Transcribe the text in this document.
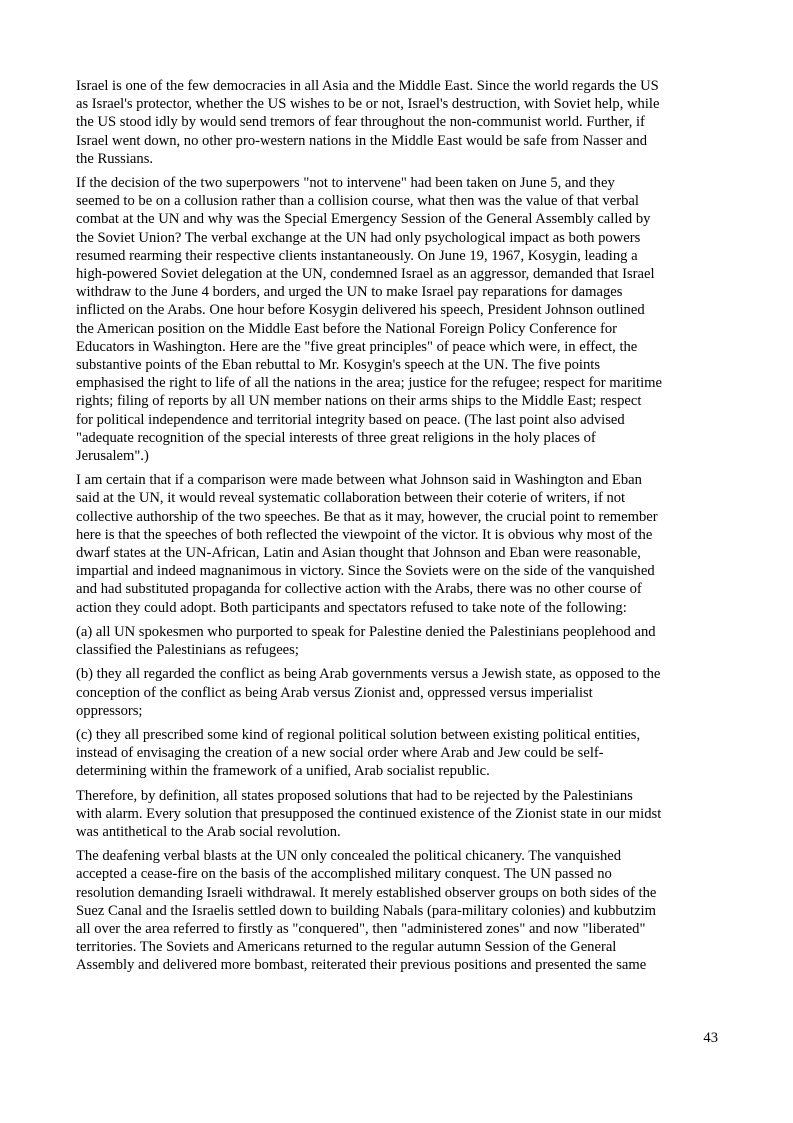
Israel is one of the few democracies in all Asia and the Middle East. Since the world regards the US
as Israel's protector, whether the US wishes to be or not, Israel's destruction, with Soviet help, while
the US stood idly by would send tremors of fear throughout the non-communist world. Further, if
Israel went down, no other pro-western nations in the Middle East would be safe from Nasser and
the Russians.

If the decision of the two superpowers "not to intervene" had been taken on June 5, and they
seemed to be on a collusion rather than a collision course, what then was the value of that verbal
combat at the UN and why was the Special Emergency Session of the General Assembly called by
the Soviet Union? The verbal exchange at the UN had only psychological impact as both powers
resumed rearming their respective clients instantaneously. On June 19, 1967, Kosygin, leading a
high-powered Soviet delegation at the UN, condemned Israel as an aggressor, demanded that Israel
withdraw to the June 4 borders, and urged the UN to make Israel pay reparations for damages
inflicted on the Arabs. One hour before Kosygin delivered his speech, President Johnson outlined
the American position on the Middle East before the National Foreign Policy Conference for
Educators in Washington. Here are the "five great principles" of peace which were, in effect, the
substantive points of the Eban rebuttal to Mr. Kosygin's speech at the UN. The five points
emphasised the right to life of all the nations in the area; justice for the refugee; respect for maritime
rights; filing of reports by all UN member nations on their arms ships to the Middle East; respect
for political independence and territorial integrity based on peace. (The last point also advised
"adequate recognition of the special interests of three great religions in the holy places of
Jerusalem".)

I am certain that if a comparison were made between what Johnson said in Washington and Eban
said at the UN, it would reveal systematic collaboration between their coterie of writers, if not
collective authorship of the two speeches. Be that as it may, however, the crucial point to remember
here is that the speeches of both reflected the viewpoint of the victor. It is obvious why most of the
dwarf states at the UN-African, Latin and Asian thought that Johnson and Eban were reasonable,
impartial and indeed magnanimous in victory. Since the Soviets were on the side of the vanquished
and had substituted propaganda for collective action with the Arabs, there was no other course of
action they could adopt. Both participants and spectators refused to take note of the following:

(a) all UN spokesmen who purported to speak for Palestine denied the Palestinians peoplehood and
classified the Palestinians as refugees;

(b) they all regarded the conflict as being Arab governments versus a Jewish state, as opposed to the
conception of the conflict as being Arab versus Zionist and, oppressed versus imperialist
oppressors;

(c) they all prescribed some kind of regional political solution between existing political entities,
instead of envisaging the creation of a new social order where Arab and Jew could be self-
determining within the framework of a unified, Arab socialist republic.

Therefore, by definition, all states proposed solutions that had to be rejected by the Palestinians
with alarm. Every solution that presupposed the continued existence of the Zionist state in our midst
was antithetical to the Arab social revolution.

The deafening verbal blasts at the UN only concealed the political chicanery. The vanquished
accepted a cease-fire on the basis of the accomplished military conquest. The UN passed no
resolution demanding Israeli withdrawal. It merely established observer groups on both sides of the
Suez Canal and the Israelis settled down to building Nabals (para-military colonies) and kubbutzim
all over the area referred to firstly as "conquered", then "administered zones" and now "liberated"
territories. The Soviets and Americans returned to the regular autumn Session of the General
Assembly and delivered more bombast, reiterated their previous positions and presented the same

43
